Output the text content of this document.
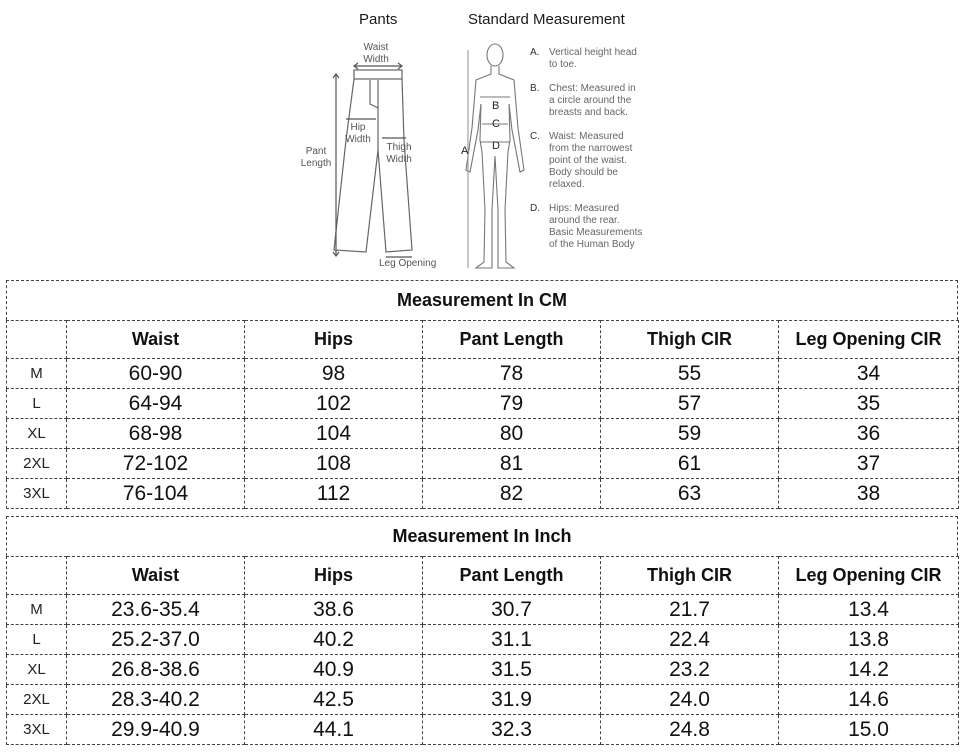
Pants	Standard Measurement
Waist
Width
Hip
Width
Pant
Length
Thigh
Width
Leg Opening
A
B
C
D
A. Vertical height head
to toe.
B. Chest: Measured in
a circle around the
breasts and back.
C. Waist: Measured
from the narrowest
point of the waist.
Body should be
relaxed.
D. Hips: Measured
around the rear.
Basic Measurements
of the Human Body
Measurement In CM
	Waist	Hips	Pant Length	Thigh CIR	Leg Opening CIR
M	60-90	98	78	55	34
L	64-94	102	79	57	35
XL	68-98	104	80	59	36
2XL	72-102	108	81	61	37
3XL	76-104	112	82	63	38
Measurement In Inch
	Waist	Hips	Pant Length	Thigh CIR	Leg Opening CIR
M	23.6-35.4	38.6	30.7	21.7	13.4
L	25.2-37.0	40.2	31.1	22.4	13.8
XL	26.8-38.6	40.9	31.5	23.2	14.2
2XL	28.3-40.2	42.5	31.9	24.0	14.6
3XL	29.9-40.9	44.1	32.3	24.8	15.0
